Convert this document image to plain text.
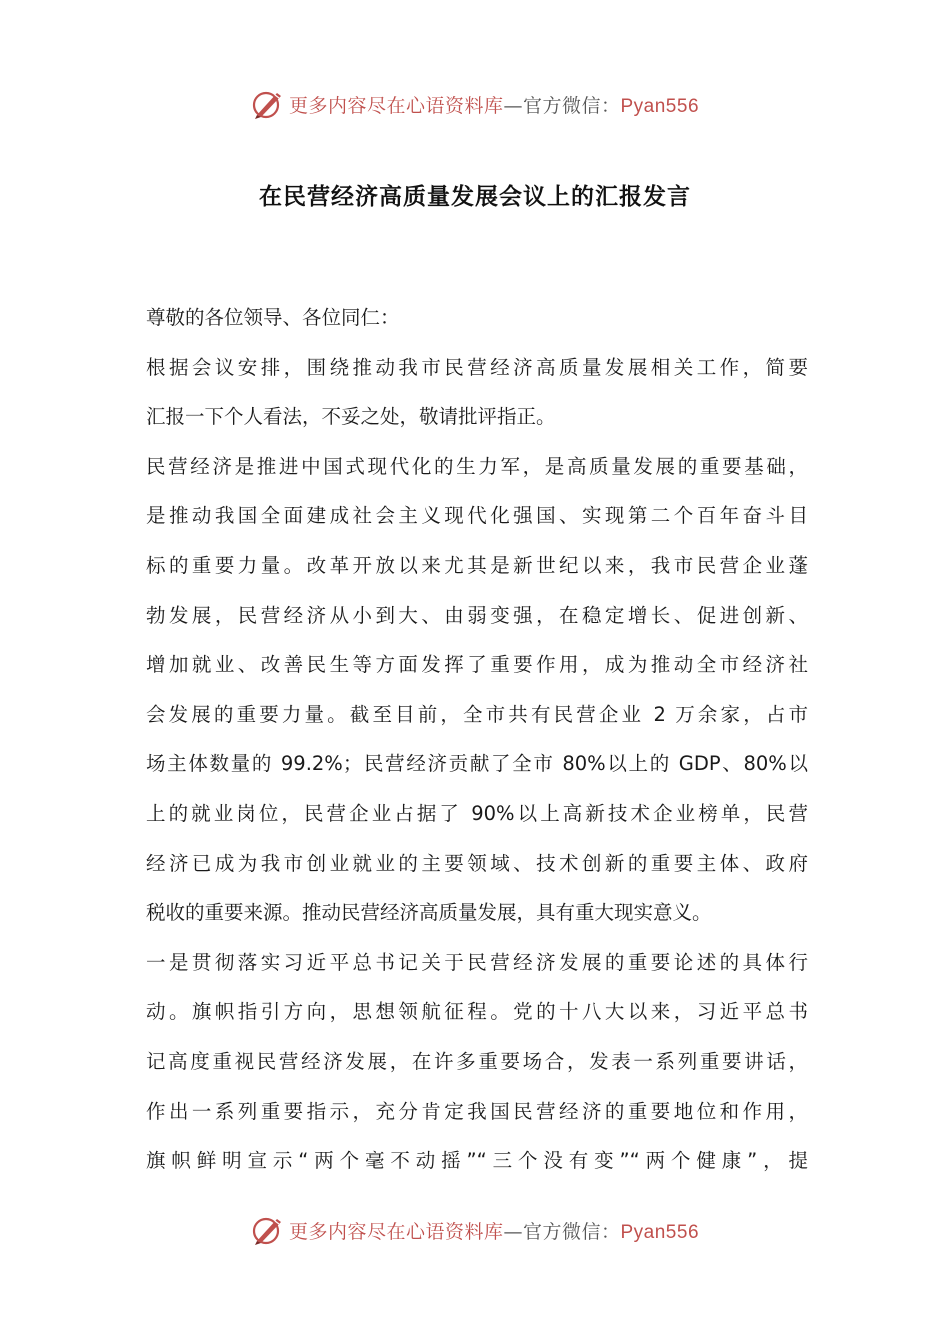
更多内容尽在心语资料库—官方微信：Pyan556
在民营经济高质量发展会议上的汇报发言
尊敬的各位领导、各位同仁：
根据会议安排，围绕推动我市民营经济高质量发展相关工作，简要
汇报一下个人看法，不妥之处，敬请批评指正。
民营经济是推进中国式现代化的生力军，是高质量发展的重要基础，
是推动我国全面建成社会主义现代化强国、实现第二个百年奋斗目
标的重要力量。改革开放以来尤其是新世纪以来，我市民营企业蓬
勃发展，民营经济从小到大、由弱变强，在稳定增长、促进创新、
增加就业、改善民生等方面发挥了重要作用，成为推动全市经济社
会发展的重要力量。截至目前，全市共有民营企业 2 万余家，占市
场主体数量的 99.2%；民营经济贡献了全市 80%以上的 GDP、80%以
上的就业岗位，民营企业占据了 90%以上高新技术企业榜单，民营
经济已成为我市创业就业的主要领域、技术创新的重要主体、政府
税收的重要来源。推动民营经济高质量发展，具有重大现实意义。
一是贯彻落实习近平总书记关于民营经济发展的重要论述的具体行
动。旗帜指引方向，思想领航征程。党的十八大以来，习近平总书
记高度重视民营经济发展，在许多重要场合，发表一系列重要讲话，
作出一系列重要指示，充分肯定我国民营经济的重要地位和作用，
旗帜鲜明宣示“两个毫不动摇”“三个没有变”“两个健康”，提
更多内容尽在心语资料库—官方微信：Pyan556
